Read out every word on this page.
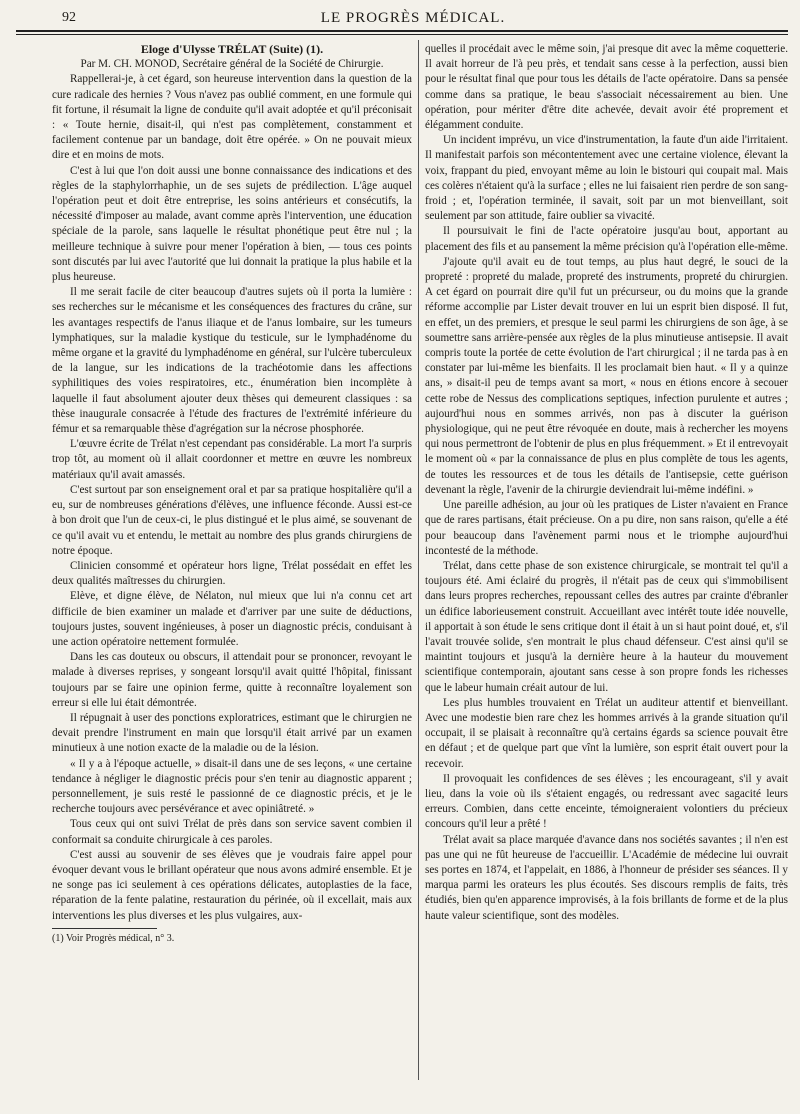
92	LE PROGRÈS MÉDICAL.

Eloge d'Ulysse TRÉLAT (Suite) (1).

Par M. CH. MONOD, Secrétaire général de la Société de Chirurgie.

Rappellerai-je, à cet égard, son heureuse intervention dans la question de la cure radicale des hernies ? Vous n'avez pas oublié comment, en une formule qui fit fortune, il résumait la ligne de conduite qu'il avait adoptée et qu'il préconisait : « Toute hernie, disait-il, qui n'est pas complètement, constamment et facilement contenue par un bandage, doit être opérée. » On ne pouvait mieux dire et en moins de mots.

C'est à lui que l'on doit aussi une bonne connaissance des indications et des règles de la staphylorrhaphie, un de ses sujets de prédilection. L'âge auquel l'opération peut et doit être entreprise, les soins antérieurs et consécutifs, la nécessité d'imposer au malade, avant comme après l'intervention, une éducation spéciale de la parole, sans laquelle le résultat phonétique peut être nul ; la meilleure technique à suivre pour mener l'opération à bien, — tous ces points sont discutés par lui avec l'autorité que lui donnait la pratique la plus habile et la plus heureuse.

Il me serait facile de citer beaucoup d'autres sujets où il porta la lumière : ses recherches sur le mécanisme et les conséquences des fractures du crâne, sur les avantages respectifs de l'anus iliaque et de l'anus lombaire, sur les tumeurs lymphatiques, sur la maladie kystique du testicule, sur le lymphadénome du même organe et la gravité du lymphadénome en général, sur l'ulcère tuberculeux de la langue, sur les indications de la trachéotomie dans les affections syphilitiques des voies respiratoires, etc., énumération bien incomplète à laquelle il faut absolument ajouter deux thèses qui demeurent classiques : sa thèse inaugurale consacrée à l'étude des fractures de l'extrémité inférieure du fémur et sa remarquable thèse d'agrégation sur la nécrose phosphorée.

L'œuvre écrite de Trélat n'est cependant pas considérable. La mort l'a surpris trop tôt, au moment où il allait coordonner et mettre en œuvre les nombreux matériaux qu'il avait amassés.

C'est surtout par son enseignement oral et par sa pratique hospitalière qu'il a eu, sur de nombreuses générations d'élèves, une influence féconde. Aussi est-ce à bon droit que l'un de ceux-ci, le plus distingué et le plus aimé, se souvenant de ce qu'il avait vu et entendu, le mettait au nombre des plus grands chirurgiens de notre époque.

Clinicien consommé et opérateur hors ligne, Trélat possédait en effet les deux qualités maîtresses du chirurgien.

Elève, et digne élève, de Nélaton, nul mieux que lui n'a connu cet art difficile de bien examiner un malade et d'arriver par une suite de déductions, toujours justes, souvent ingénieuses, à poser un diagnostic précis, conduisant à une action opératoire nettement formulée.

Dans les cas douteux ou obscurs, il attendait pour se prononcer, revoyant le malade à diverses reprises, y songeant lorsqu'il avait quitté l'hôpital, finissant toujours par se faire une opinion ferme, quitte à reconnaître loyalement son erreur si elle lui était démontrée.

Il répugnait à user des ponctions exploratrices, estimant que le chirurgien ne devait prendre l'instrument en main que lorsqu'il était arrivé par un examen minutieux à une notion exacte de la maladie ou de la lésion.

« Il y a à l'époque actuelle, » disait-il dans une de ses leçons, « une certaine tendance à négliger le diagnostic précis pour s'en tenir au diagnostic apparent ; personnellement, je suis resté le passionné de ce diagnostic précis, et je le recherche toujours avec persévérance et avec opiniâtreté. »

Tous ceux qui ont suivi Trélat de près dans son service savent combien il conformait sa conduite chirurgicale à ces paroles.

C'est aussi au souvenir de ses élèves que je voudrais faire appel pour évoquer devant vous le brillant opérateur que nous avons admiré ensemble. Et je ne songe pas ici seulement à ces opérations délicates, autoplasties de la face, réparation de la fente palatine, restauration du périnée, où il excellait, mais aux interventions les plus diverses et les plus vulgaires, aux-

(1) Voir Progrès médical, n° 3.

quelles il procédait avec le même soin, j'ai presque dit avec la même coquetterie. Il avait horreur de l'à peu près, et tendait sans cesse à la perfection, aussi bien pour le résultat final que pour tous les détails de l'acte opératoire. Dans sa pensée comme dans sa pratique, le beau s'associait nécessairement au bien. Une opération, pour mériter d'être dite achevée, devait avoir été proprement et élégamment conduite.

Un incident imprévu, un vice d'instrumentation, la faute d'un aide l'irritaient. Il manifestait parfois son mécontentement avec une certaine violence, élevant la voix, frappant du pied, envoyant même au loin le bistouri qui coupait mal. Mais ces colères n'étaient qu'à la surface ; elles ne lui faisaient rien perdre de son sang-froid ; et, l'opération terminée, il savait, soit par un mot bienveillant, soit seulement par son attitude, faire oublier sa vivacité.

Il poursuivait le fini de l'acte opératoire jusqu'au bout, apportant au placement des fils et au pansement la même précision qu'à l'opération elle-même.

J'ajoute qu'il avait eu de tout temps, au plus haut degré, le souci de la propreté : propreté du malade, propreté des instruments, propreté du chirurgien. A cet égard on pourrait dire qu'il fut un précurseur, ou du moins que la grande réforme accomplie par Lister devait trouver en lui un esprit bien disposé. Il fut, en effet, un des premiers, et presque le seul parmi les chirurgiens de son âge, à se soumettre sans arrière-pensée aux règles de la plus minutieuse antisepsie. Il avait compris toute la portée de cette évolution de l'art chirurgical ; il ne tarda pas à en constater par lui-même les bienfaits. Il les proclamait bien haut. « Il y a quinze ans, » disait-il peu de temps avant sa mort, « nous en étions encore à secouer cette robe de Nessus des complications septiques, infection purulente et autres ; aujourd'hui nous en sommes arrivés, non pas à discuter la guérison physiologique, qui ne peut être révoquée en doute, mais à rechercher les moyens qui nous permettront de l'obtenir de plus en plus fréquemment. » Et il entrevoyait le moment où « par la connaissance de plus en plus complète de tous les agents, de toutes les ressources et de tous les détails de l'antisepsie, cette guérison devenant la règle, l'avenir de la chirurgie deviendrait lui-même indéfini. »

Une pareille adhésion, au jour où les pratiques de Lister n'avaient en France que de rares partisans, était précieuse. On a pu dire, non sans raison, qu'elle a été pour beaucoup dans l'avènement parmi nous et le triomphe aujourd'hui incontesté de la méthode.

Trélat, dans cette phase de son existence chirurgicale, se montrait tel qu'il a toujours été. Ami éclairé du progrès, il n'était pas de ceux qui s'immobilisent dans leurs propres recherches, repoussant celles des autres par crainte d'ébranler un édifice laborieusement construit. Accueillant avec intérêt toute idée nouvelle, il apportait à son étude le sens critique dont il était à un si haut point doué, et, s'il l'avait trouvée solide, s'en montrait le plus chaud défenseur. C'est ainsi qu'il se maintint toujours et jusqu'à la dernière heure à la hauteur du mouvement scientifique contemporain, ajoutant sans cesse à son propre fonds les richesses que le labeur humain créait autour de lui.

Les plus humbles trouvaient en Trélat un auditeur attentif et bienveillant. Avec une modestie bien rare chez les hommes arrivés à la grande situation qu'il occupait, il se plaisait à reconnaître qu'à certains égards sa science pouvait être en défaut ; et de quelque part que vînt la lumière, son esprit était ouvert pour la recevoir.

Il provoquait les confidences de ses élèves ; les encourageant, s'il y avait lieu, dans la voie où ils s'étaient engagés, ou redressant avec sagacité leurs erreurs. Combien, dans cette enceinte, témoigneraient volontiers du précieux concours qu'il leur a prêté !

Trélat avait sa place marquée d'avance dans nos sociétés savantes ; il n'en est pas une qui ne fût heureuse de l'accueillir. L'Académie de médecine lui ouvrait ses portes en 1874, et l'appelait, en 1886, à l'honneur de présider ses séances. Il y marqua parmi les orateurs les plus écoutés. Ses discours remplis de faits, très étudiés, bien qu'en apparence improvisés, à la fois brillants de forme et de la plus haute valeur scientifique, sont des modèles.
